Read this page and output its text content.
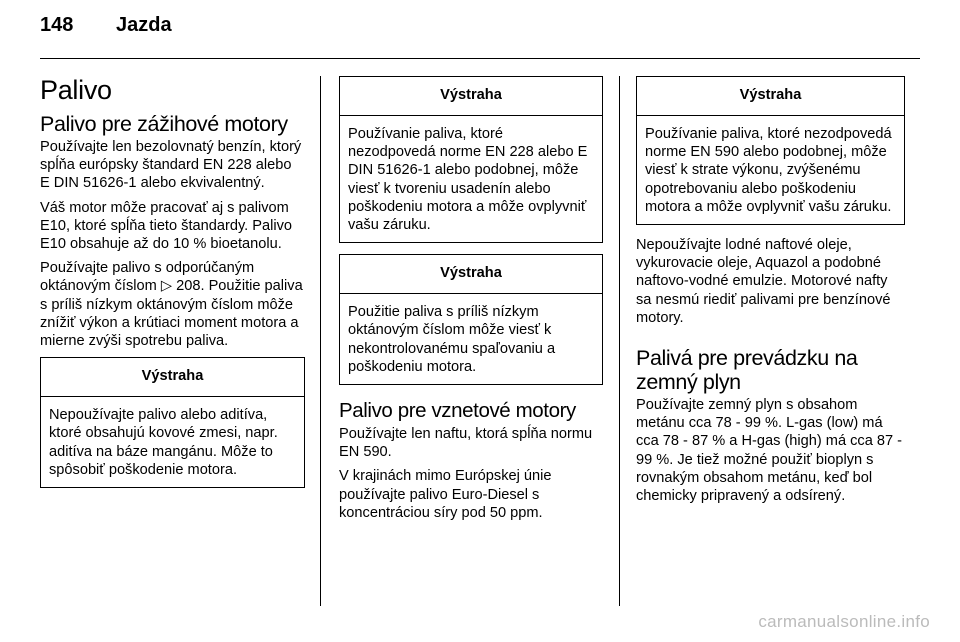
148	Jazda
Palivo
Palivo pre zážihové motory

Používajte len bezolovnatý benzín, ktorý spĺňa európsky štandard EN 228 alebo E DIN 51626-1 alebo ekvivalentný.

Váš motor môže pracovať aj s palivom E10, ktoré spĺňa tieto štandardy. Palivo E10 obsahuje až do 10 % bioetanolu.

Používajte palivo s odporúčaným oktánovým číslom ▷ 208. Použitie paliva s príliš nízkym oktánovým číslom môže znížiť výkon a krútiaci moment motora a mierne zvýši spotrebu paliva.

Výstraha
Nepoužívajte palivo alebo aditíva, ktoré obsahujú kovové zmesi, napr. aditíva na báze mangánu. Môže to spôsobiť poškodenie motora.
Výstraha
Používanie paliva, ktoré nezodpovedá norme EN 228 alebo E DIN 51626-1 alebo podobnej, môže viesť k tvoreniu usadenín alebo poškodeniu motora a môže ovplyvniť vašu záruku.
Výstraha
Použitie paliva s príliš nízkym oktánovým číslom môže viesť k nekontrolovanému spaľovaniu a poškodeniu motora.
Palivo pre vznetové motory

Používajte len naftu, ktorá spĺňa normu EN 590.

V krajinách mimo Európskej únie používajte palivo Euro-Diesel s koncentráciou síry pod 50 ppm.

Výstraha
Používanie paliva, ktoré nezodpovedá norme EN 590 alebo podobnej, môže viesť k strate výkonu, zvýšenému opotrebovaniu alebo poškodeniu motora a môže ovplyvniť vašu záruku.

Nepoužívajte lodné naftové oleje, vykurovacie oleje, Aquazol a podobné naftovo-vodné emulzie. Motorové nafty sa nesmú riediť palivami pre benzínové motory.

Palivá pre prevádzku na zemný plyn

Používajte zemný plyn s obsahom metánu cca 78 - 99 %. L-gas (low) má cca 78 - 87 % a H-gas (high) má cca 87 - 99 %. Je tiež možné použiť bioplyn s rovnakým obsahom metánu, keď bol chemicky pripravený a odsírený.

carmanualsonline.info
